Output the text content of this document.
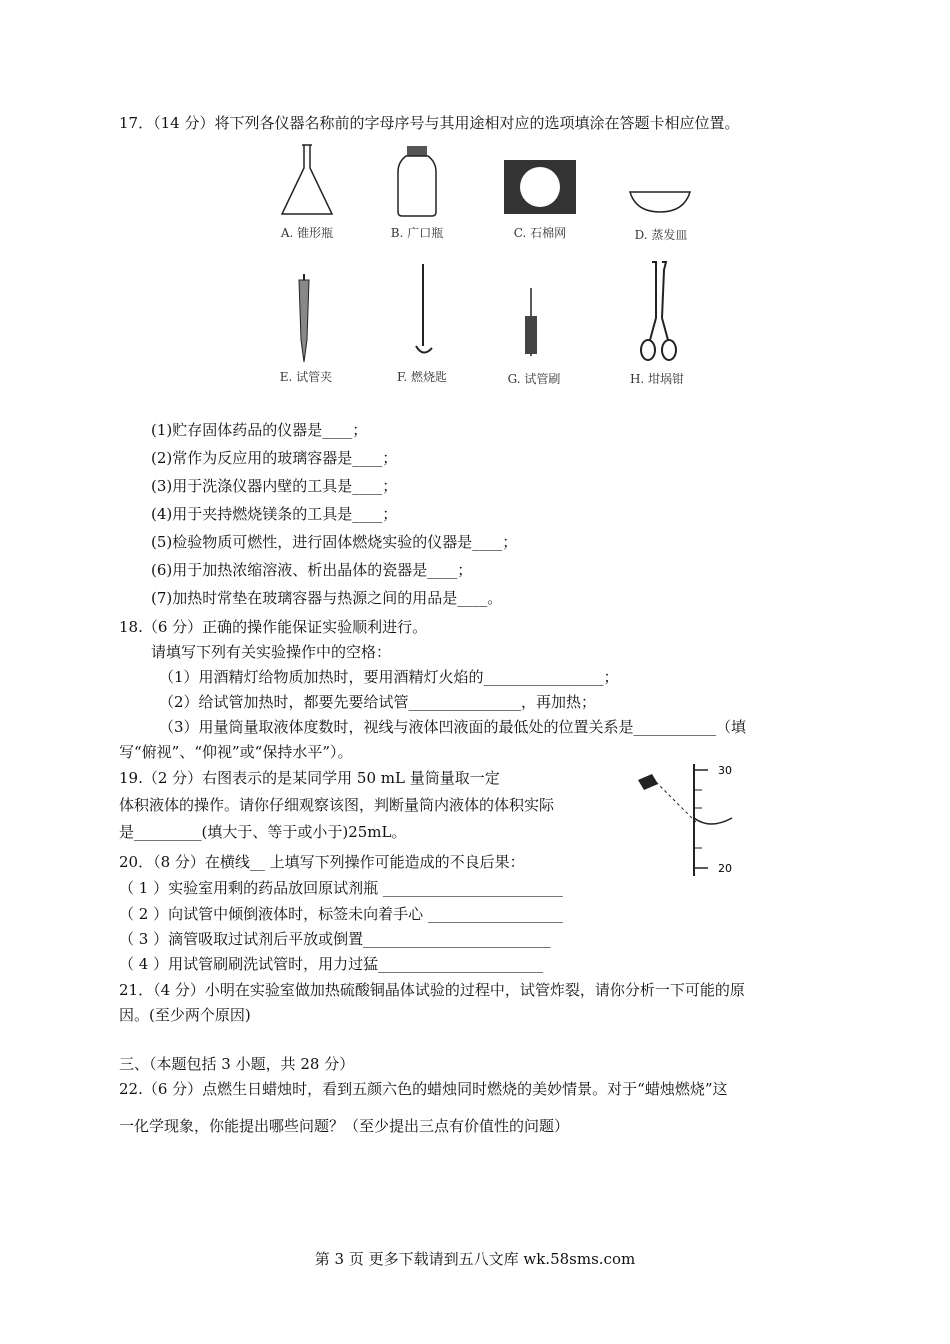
17．（14 分）将下列各仪器名称前的字母序号与其用途相对应的选项填涂在答题卡相应位置。
A. 锥形瓶	B. 广口瓶	C. 石棉网	D. 蒸发皿
E. 试管夹	F. 燃烧匙	G. 试管刷	H. 坩埚钳
(1)贮存固体药品的仪器是____；
(2)常作为反应用的玻璃容器是____；
(3)用于洗涤仪器内壁的工具是____；
(4)用于夹持燃烧镁条的工具是____；
(5)检验物质可燃性，进行固体燃烧实验的仪器是____；
(6)用于加热浓缩溶液、析出晶体的瓷器是____；
(7)加热时常垫在玻璃容器与热源之间的用品是____。
18.（6 分）正确的操作能保证实验顺利进行。
请填写下列有关实验操作中的空格：
（1）用酒精灯给物质加热时，要用酒精灯火焰的________________；
（2）给试管加热时，都要先要给试管_______________，再加热；
（3）用量筒量取液体度数时，视线与液体凹液面的最低处的位置关系是___________（填
写“俯视”、“仰视”或“保持水平”）。
19.（2 分）右图表示的是某同学用 50 mL 量筒量取一定
体积液体的操作。请你仔细观察该图，判断量筒内液体的体积实际
是_________(填大于、等于或小于)25mL。
30
20
20．（8 分）在横线__ 上填写下列操作可能造成的不良后果：
（ 1 ）实验室用剩的药品放回原试剂瓶 ________________________
（ 2 ）向试管中倾倒液体时，标签未向着手心 __________________
（ 3 ）滴管吸取过试剂后平放或倒置_________________________
（ 4 ）用试管刷刷洗试管时，用力过猛______________________
21．（4 分）小明在实验室做加热硫酸铜晶体试验的过程中，试管炸裂，请你分析一下可能的原
因。(至少两个原因)
三、（本题包括 3 小题，共 28 分）
22.（6 分）点燃生日蜡烛时，看到五颜六色的蜡烛同时燃烧的美妙情景。对于“蜡烛燃烧”这
一化学现象，你能提出哪些问题？（至少提出三点有价值性的问题）
第 3 页 更多下载请到五八文库 wk.58sms.com
